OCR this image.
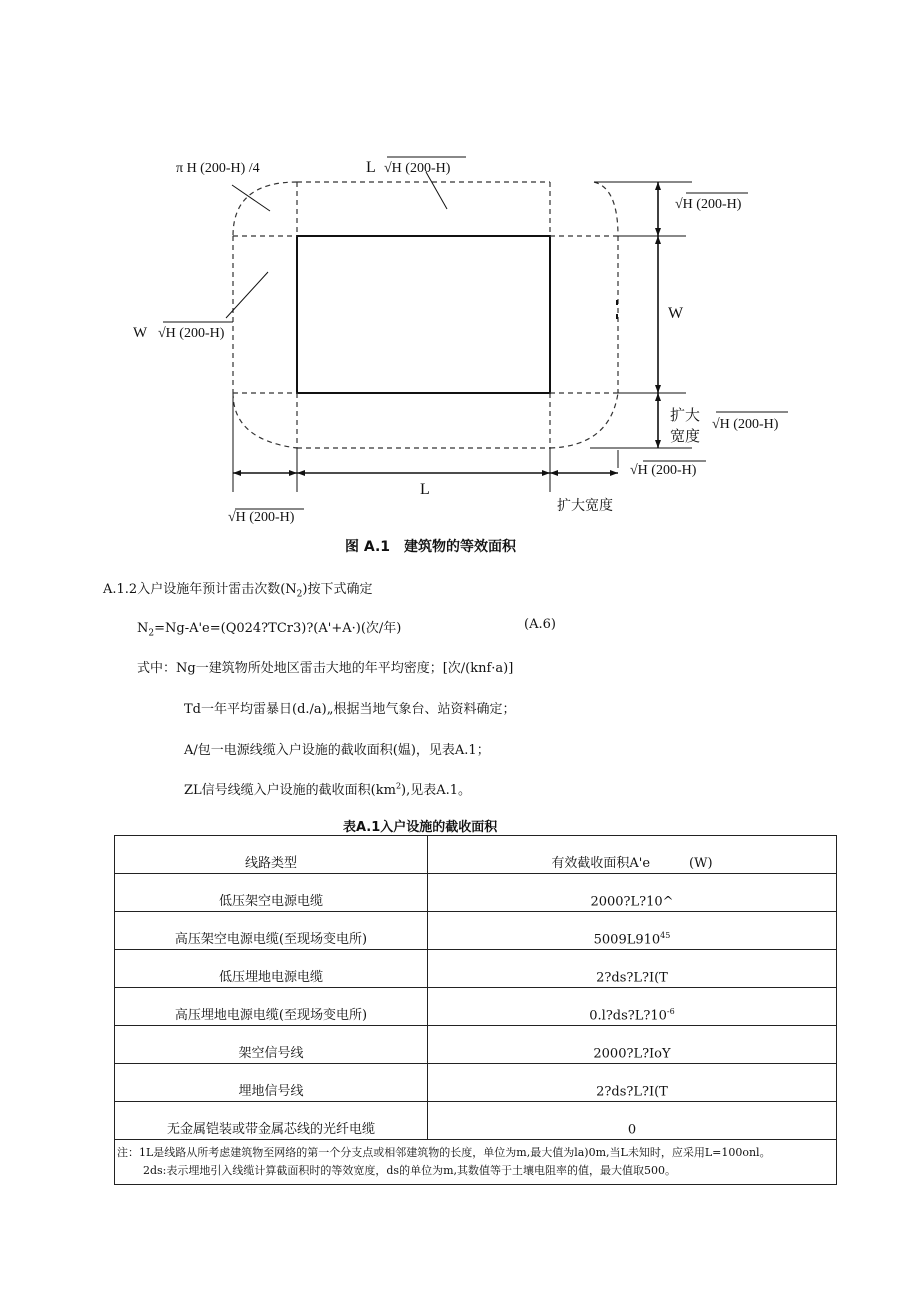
π H (200-H) /4	L √H (200-H)
W √H (200-H)
√H (200-H)
W
扩大
宽度
√H (200-H)
√H (200-H)
L
扩大宽度
√H (200-H)
图 A.1　建筑物的等效面积
A.1.2入户设施年预计雷击次数$(N_2)$按下式确定
$N_2=Ng-A'e=(Q024?TCr3)?(A'+A\cdot)$(次/年)	(A.6)
式中：Ng一建筑物所处地区雷击大地的年平均密度；[次/(knf·a)]
Td一年平均雷暴日(d./a)„根据当地气象台、站资料确定；
A/包一电源线缆入户设施的截收面积(媪)，见表A.1；
ZL信号线缆入户设施的截收面积$(km^2)$,见表A.1。
表A.1入户设施的截收面积
线路类型	有效截收面积A'e　　　(W)
低压架空电源电缆	2000?L?10^
高压架空电源电缆(至现场变电所)	$5009L910^{45}$
低压埋地电源电缆	2?ds?L?I(T
高压埋地电源电缆(至现场变电所)	$0.l?ds?L?10^{-6}$
架空信号线	2000?L?IoY
埋地信号线	2?ds?L?I(T
无金属铠装或带金属芯线的光纤电缆	0

注：1L是线路从所考虑建筑物至网络的第一个分支点或相邻建筑物的长度，单位为m,最大值为la)0m,当L未知时，应采用L=100onl。
2ds:表示埋地引入线缆计算截面积时的等效宽度，ds的单位为m,其数值等于土壤电阻率的值，最大值取500。	
